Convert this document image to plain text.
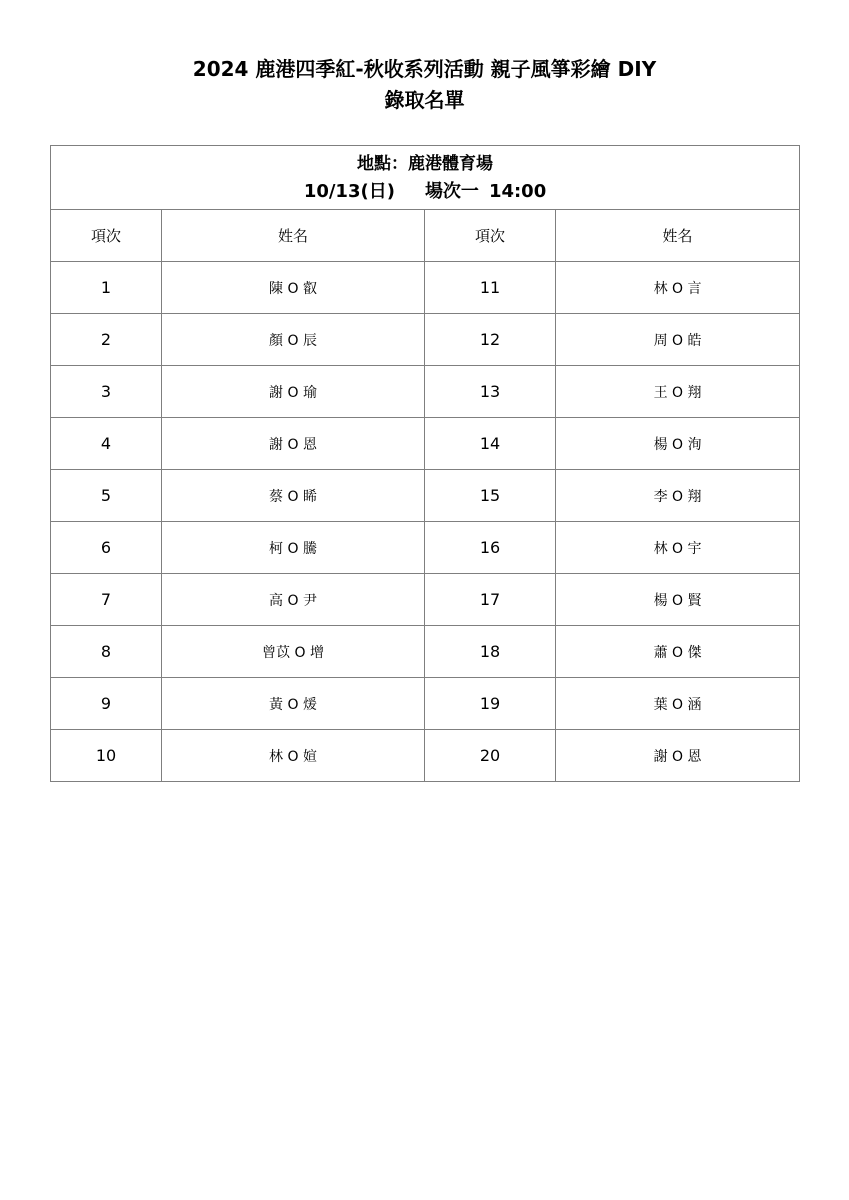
2024 鹿港四季紅-秋收系列活動 親子風箏彩繪 DIY
錄取名單
地點：鹿港體育場
10/13(日) 場次一 14:00			

項次	姓名	項次	姓名
1	陳 O 叡	11	林 O 言
2	顏 O 辰	12	周 O 皓
3	謝 O 瑜	13	王 O 翔
4	謝 O 恩	14	楊 O 洵
5	蔡 O 睎	15	李 O 翔
6	柯 O 騰	16	林 O 宇
7	高 O 尹	17	楊 O 賢
8	曾苡 O 增	18	蕭 O 傑
9	黃 O 煖	19	葉 O 涵
10	林 O 媗	20	謝 O 恩
